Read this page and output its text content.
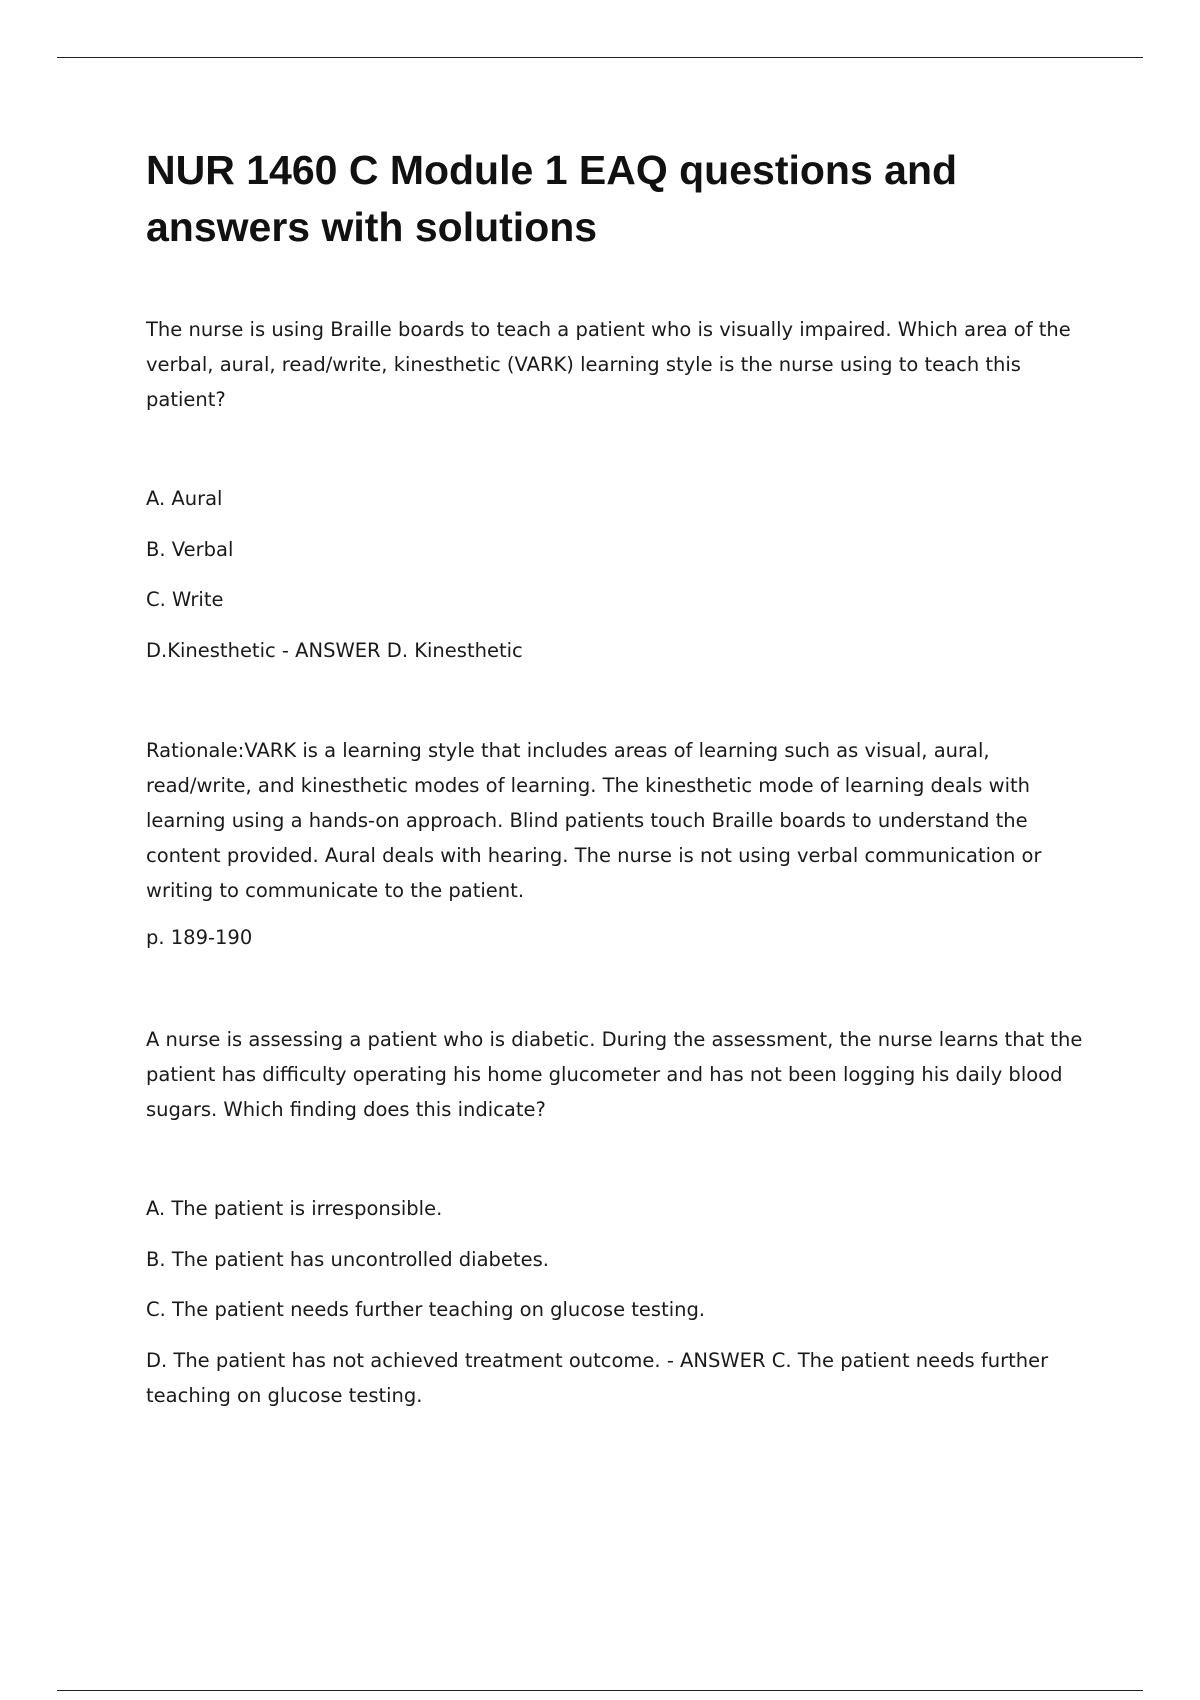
NUR 1460 C Module 1 EAQ questions and answers with solutions

The nurse is using Braille boards to teach a patient who is visually impaired. Which area of the verbal, aural, read/write, kinesthetic (VARK) learning style is the nurse using to teach this patient?

A. Aural

B. Verbal

C. Write

D.Kinesthetic - ANSWER D. Kinesthetic

Rationale:VARK is a learning style that includes areas of learning such as visual, aural, read/write, and kinesthetic modes of learning. The kinesthetic mode of learning deals with learning using a hands-on approach. Blind patients touch Braille boards to understand the content provided. Aural deals with hearing. The nurse is not using verbal communication or writing to communicate to the patient.

p. 189-190

A nurse is assessing a patient who is diabetic. During the assessment, the nurse learns that the patient has difficulty operating his home glucometer and has not been logging his daily blood sugars. Which finding does this indicate?

A. The patient is irresponsible.

B. The patient has uncontrolled diabetes.

C. The patient needs further teaching on glucose testing.

D. The patient has not achieved treatment outcome. - ANSWER C. The patient needs further teaching on glucose testing.
